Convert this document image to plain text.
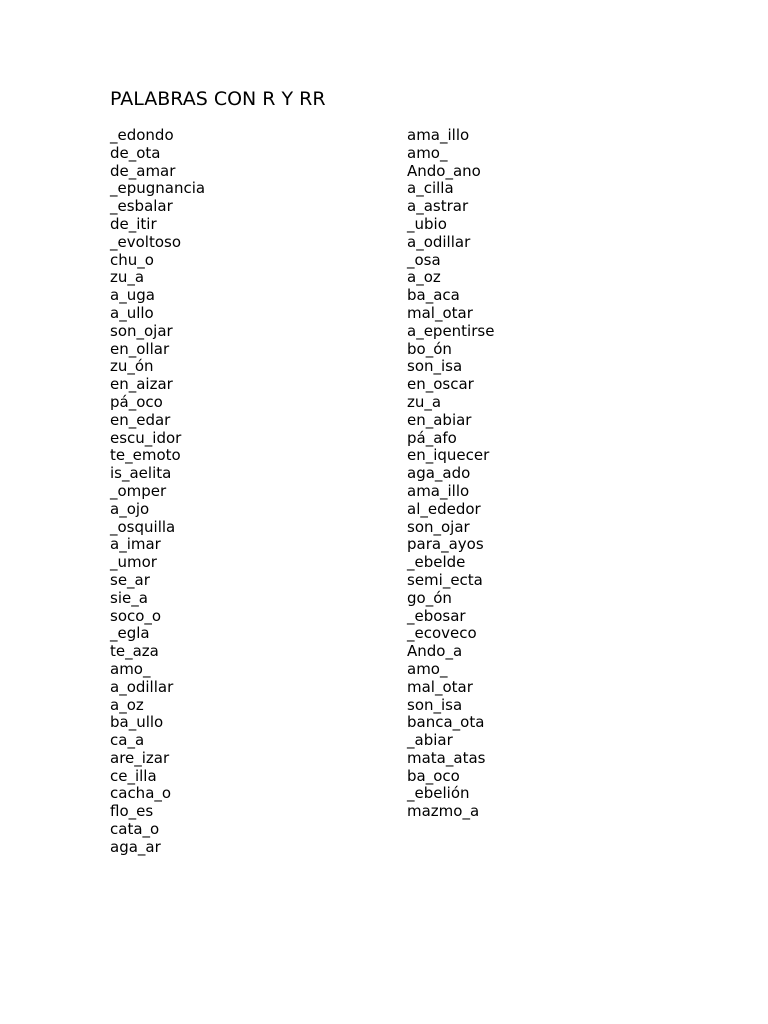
PALABRAS CON R Y RR
_edondo
de_ota
de_amar
_epugnancia
_esbalar
de_itir
_evoltoso
chu_o
zu_a
a_uga
a_ullo
son_ojar
en_ollar
zu_ón
en_aizar
pá_oco
en_edar
escu_idor
te_emoto
is_aelita
_omper
a_ojo
_osquilla
a_imar
_umor
se_ar
sie_a
soco_o
_egla
te_aza
amo_
a_odillar
a_oz
ba_ullo
ca_a
are_izar
ce_illa
cacha_o
flo_es
cata_o
aga_ar
ama_illo
amo_
Ando_ano
a_cilla
a_astrar
_ubio
a_odillar
_osa
a_oz
ba_aca
mal_otar
a_epentirse
bo_ón
son_isa
en_oscar
zu_a
en_abiar
pá_afo
en_iquecer
aga_ado
ama_illo
al_ededor
son_ojar
para_ayos
_ebelde
semi_ecta
go_ón
_ebosar
_ecoveco
Ando_a
amo_
mal_otar
son_isa
banca_ota
_abiar
mata_atas
ba_oco
_ebelión
mazmo_a
